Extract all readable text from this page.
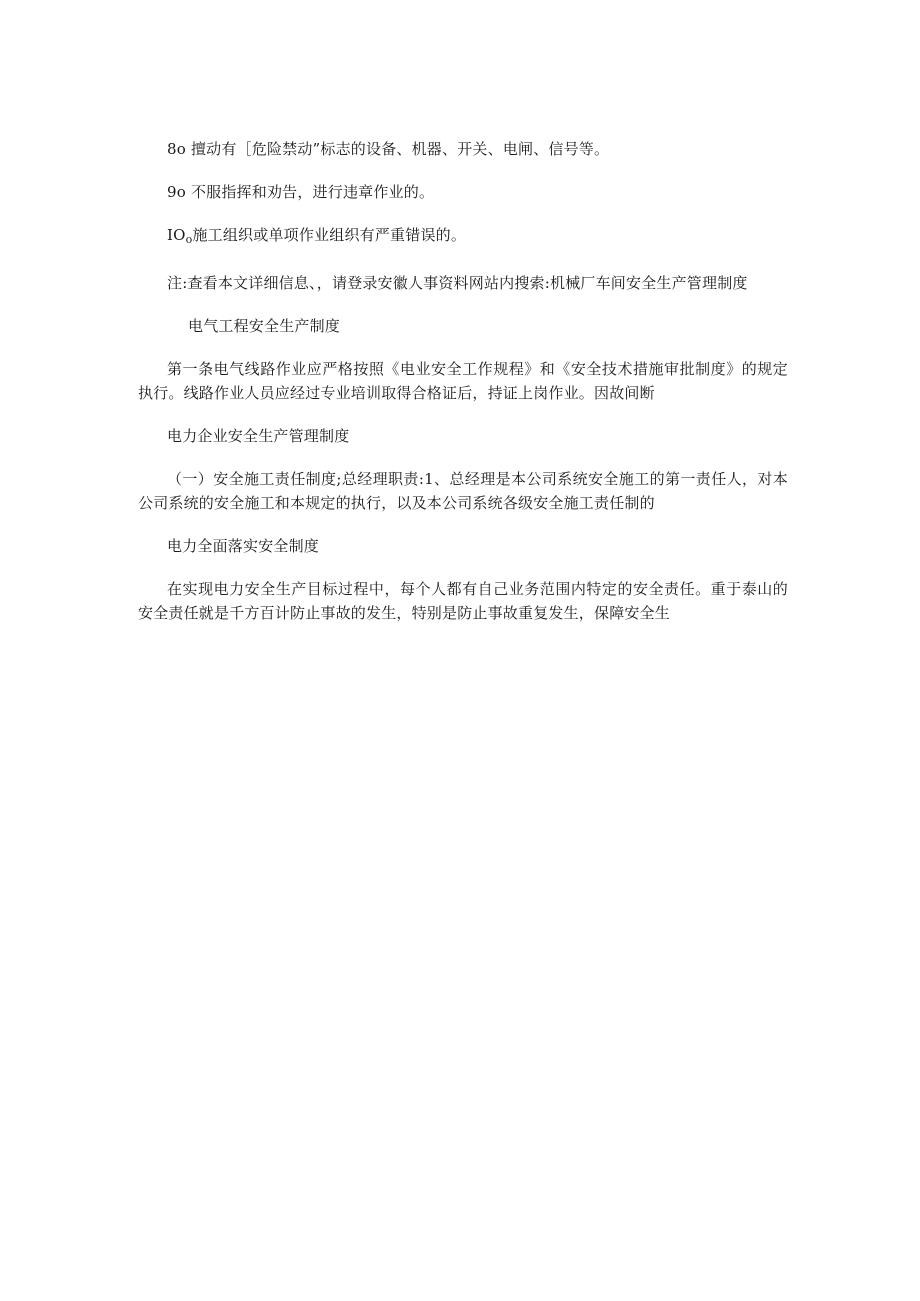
8o 擅动有［危险禁动”标志的设备、机器、开关、电闸、信号等。

9o 不服指挥和劝告，进行违章作业的。

$IO_o$施工组织或单项作业组织有严重错误的。

注:查看本文详细信息、，请登录安徽人事资料网站内搜索:机械厂车间安全生产管理制度

电气工程安全生产制度

第一条电气线路作业应严格按照《电业安全工作规程》和《安全技术措施审批制度》的规定执行。线路作业人员应经过专业培训取得合格证后，持证上岗作业。因故间断

电力企业安全生产管理制度

（一）安全施工责任制度;总经理职责:1、总经理是本公司系统安全施工的第一责任人，对本公司系统的安全施工和本规定的执行，以及本公司系统各级安全施工责任制的

电力全面落实安全制度

在实现电力安全生产目标过程中，每个人都有自己业务范围内特定的安全责任。重于泰山的安全责任就是千方百计防止事故的发生，特别是防止事故重复发生，保障安全生
